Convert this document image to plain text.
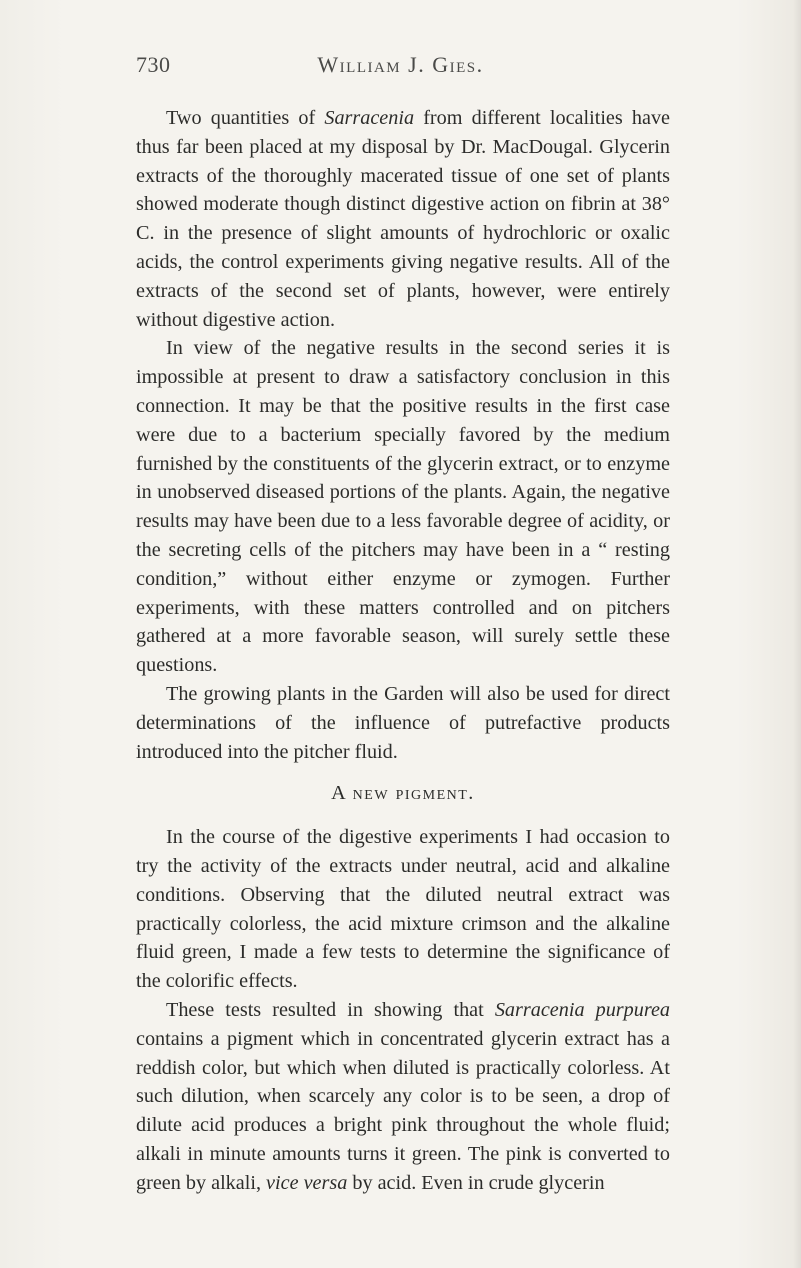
730	William J. Gies.

Two quantities of Sarracenia from different localities have thus far been placed at my disposal by Dr. MacDougal. Glycerin extracts of the thoroughly macerated tissue of one set of plants showed moderate though distinct digestive action on fibrin at 38° C. in the presence of slight amounts of hydrochloric or oxalic acids, the control experiments giving negative results. All of the extracts of the second set of plants, however, were entirely without digestive action.

In view of the negative results in the second series it is impossible at present to draw a satisfactory conclusion in this connection. It may be that the positive results in the first case were due to a bacterium specially favored by the medium furnished by the constituents of the glycerin extract, or to enzyme in unobserved diseased portions of the plants. Again, the negative results may have been due to a less favorable degree of acidity, or the secreting cells of the pitchers may have been in a “ resting condition,” without either enzyme or zymogen. Further experiments, with these matters controlled and on pitchers gathered at a more favorable season, will surely settle these questions.

The growing plants in the Garden will also be used for direct determinations of the influence of putrefactive products introduced into the pitcher fluid.

A new pigment.

In the course of the digestive experiments I had occasion to try the activity of the extracts under neutral, acid and alkaline conditions. Observing that the diluted neutral extract was practically colorless, the acid mixture crimson and the alkaline fluid green, I made a few tests to determine the significance of the colorific effects.

These tests resulted in showing that Sarracenia purpurea contains a pigment which in concentrated glycerin extract has a reddish color, but which when diluted is practically colorless. At such dilution, when scarcely any color is to be seen, a drop of dilute acid produces a bright pink throughout the whole fluid; alkali in minute amounts turns it green. The pink is converted to green by alkali, vice versa by acid. Even in crude glycerin
